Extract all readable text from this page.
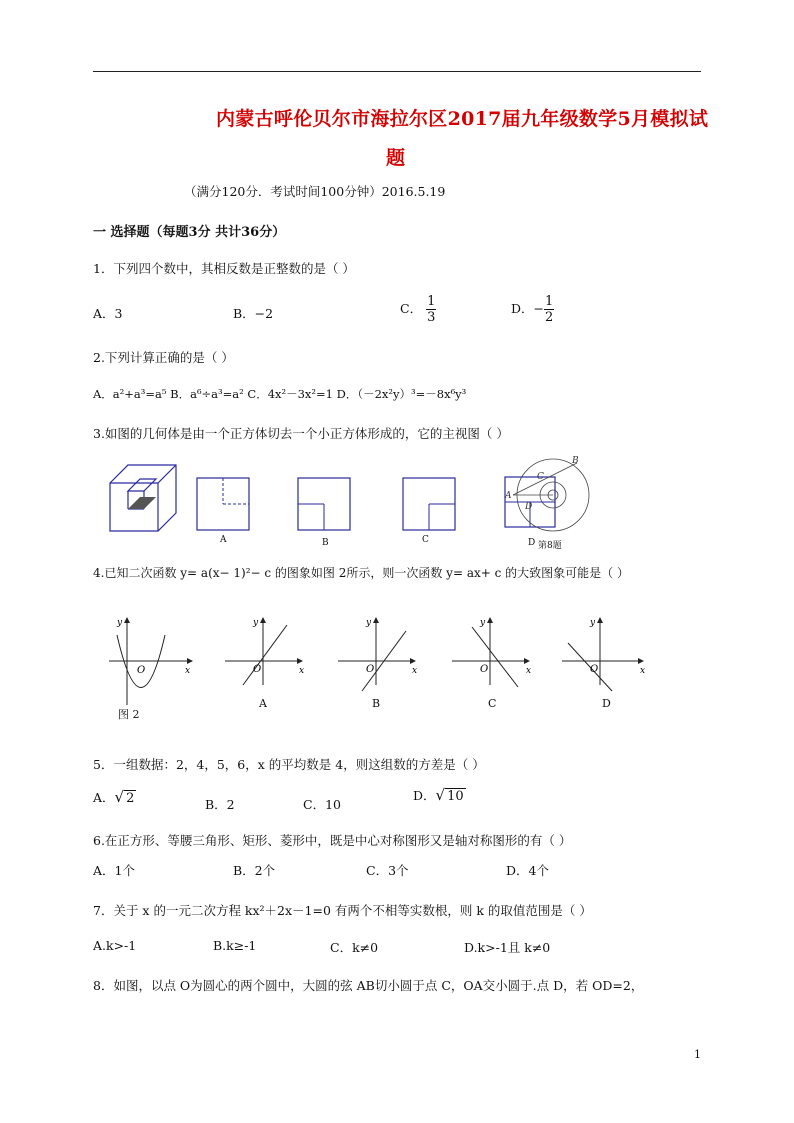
内蒙古呼伦贝尔市海拉尔区2017届九年级数学5月模拟试
题
（满分120分．考试时间100分钟）2016.5.19
一 选择题（每题3分 共计36分）
1．下列四个数中，其相反数是正整数的是（ ）
A．3	B．−2	C． $\frac{1}{3}$	D．− $\frac{1}{2}$
2.下列计算正确的是（ ）
A．a²+a³=a⁵ B．a⁶÷a³=a² C．4x²－3x²=1 D．（－2x²y）³=－8x⁶y³
3.如图的几何体是由一个正方体切去一个小正方体形成的，它的主视图（ ）
A	B	C
A
B
C
D
D 第8题
4.已知二次函数 y= a(x− 1)²− c 的图象如图 2所示，则一次函数 y= ax+ c 的大致图象可能是（ ）
y
x
O
图 2
y
x
O
A
y
x
O
B
y
x
O
C
y
x
O
D
5．一组数据：2，4，5，6，x 的平均数是 4，则这组数的方差是（ ）
A．√ 2	B．2	C．10
D．√ 10
6.在正方形、等腰三角形、矩形、菱形中，既是中心对称图形又是轴对称图形的有（ ）
A．1个	B．2个	C．3个	D．4个
7．关于 x 的一元二次方程 kx²＋2x－1=0 有两个不相等实数根，则 k 的取值范围是（ ）
A.k>-1	B.k≥-1	C．k≠0	D.k>-1且 k≠0
8．如图，以点 O为圆心的两个圆中，大圆的弦 AB切小圆于点 C，OA交小圆于.点 D，若 OD=2，
1
